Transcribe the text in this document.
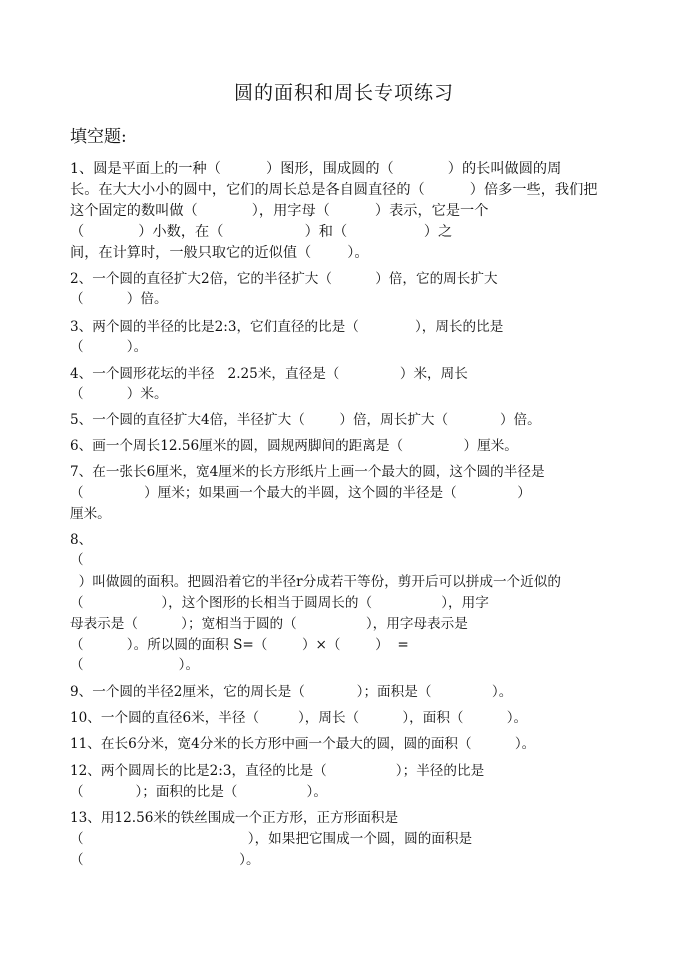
圆的面积和周长专项练习
填空题:
1、圆是平面上的一种（          ）图形，围成圆的（            ）的长叫做圆的周
长。在大大小小的圆中，它们的周长总是各自圆直径的（          ）倍多一些，我们把
这个固定的数叫做（            ），用字母（          ）表示，它是一个
（            ）小数，在（                  ）和（                 ）之
间，在计算时，一般只取它的近似值（        ）。
2、一个圆的直径扩大2倍，它的半径扩大（          ）倍，它的周长扩大
（          ）倍。
3、两个圆的半径的比是2:3，它们直径的比是（             ），周长的比是
（          ）。
4、一个圆形花坛的半径   2.25米，直径是（              ）米，周长
（          ）米。
5、一个圆的直径扩大4倍，半径扩大（        ）倍，周长扩大（            ）倍。
6、画一个周长12.56厘米的圆，圆规两脚间的距离是（              ）厘米。
7、在一张长6厘米，宽4厘米的长方形纸片上画一个最大的圆，这个圆的半径是
（              ）厘米；如果画一个最大的半圆，这个圆的半径是（              ）
厘米。
8、
（
）叫做圆的面积。把圆沿着它的半径r分成若干等份，剪开后可以拼成一个近似的
（                  ），这个图形的长相当于圆周长的（                ），用字
母表示是（          ）；宽相当于圆的（                ），用字母表示是
（          ）。所以圆的面积 S=（        ）×（        ）  =
（                      ）。
9、一个圆的半径2厘米，它的周长是（            ）；面积是（              ）。
10、一个圆的直径6米，半径（         ），周长（          ），面积（          ）。
11、在长6分米，宽4分米的长方形中画一个最大的圆，圆的面积（          ）。
12、两个圆周长的比是2:3，直径的比是（                ）；半径的比是
（            ）；面积的比是（                ）。
13、用12.56米的铁丝围成一个正方形，正方形面积是
（                                      ），如果把它围成一个圆，圆的面积是
（                                    ）。
